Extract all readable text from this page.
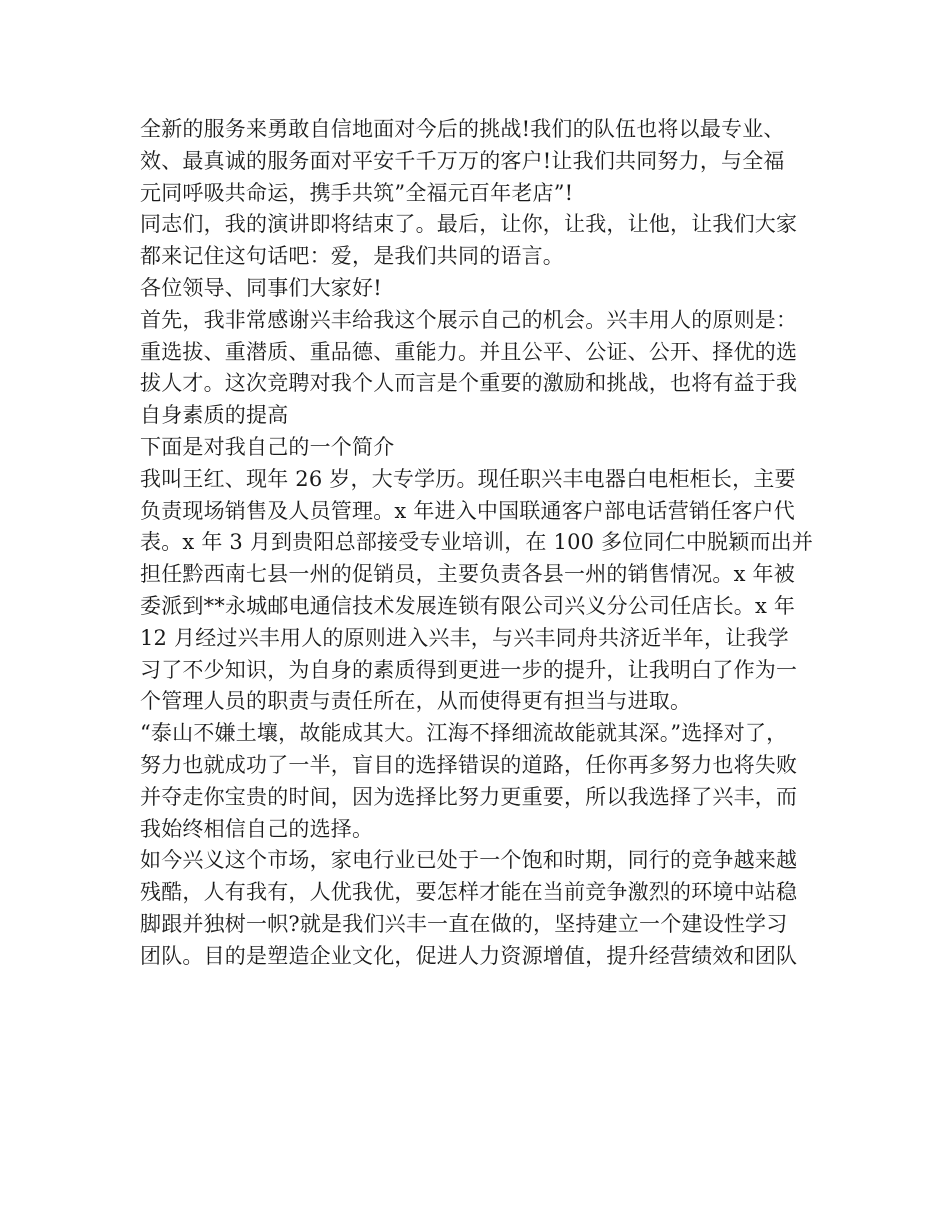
全新的服务来勇敢自信地面对今后的挑战!我们的队伍也将以最专业、
效、最真诚的服务面对平安千千万万的客户!让我们共同努力，与全福
元同呼吸共命运，携手共筑”全福元百年老店”!
同志们，我的演讲即将结束了。最后，让你，让我，让他，让我们大家
都来记住这句话吧：爱，是我们共同的语言。
各位领导、同事们大家好!
首先，我非常感谢兴丰给我这个展示自己的机会。兴丰用人的原则是：
重选拔、重潜质、重品德、重能力。并且公平、公证、公开、择优的选
拔人才。这次竞聘对我个人而言是个重要的激励和挑战，也将有益于我
自身素质的提高
下面是对我自己的一个简介
我叫王红、现年 26 岁，大专学历。现任职兴丰电器白电柜柜长，主要
负责现场销售及人员管理。x 年进入中国联通客户部电话营销任客户代
表。x 年 3 月到贵阳总部接受专业培训，在 100 多位同仁中脱颖而出并
担任黔西南七县一州的促销员，主要负责各县一州的销售情况。x 年被
委派到**永城邮电通信技术发展连锁有限公司兴义分公司任店长。x 年
12 月经过兴丰用人的原则进入兴丰，与兴丰同舟共济近半年，让我学
习了不少知识，为自身的素质得到更进一步的提升，让我明白了作为一
个管理人员的职责与责任所在，从而使得更有担当与进取。
“泰山不嫌土壤，故能成其大。江海不择细流故能就其深。”选择对了，
努力也就成功了一半，盲目的选择错误的道路，任你再多努力也将失败
并夺走你宝贵的时间，因为选择比努力更重要，所以我选择了兴丰，而
我始终相信自己的选择。
如今兴义这个市场，家电行业已处于一个饱和时期，同行的竞争越来越
残酷，人有我有，人优我优，要怎样才能在当前竞争激烈的环境中站稳
脚跟并独树一帜?就是我们兴丰一直在做的，坚持建立一个建设性学习
团队。目的是塑造企业文化，促进人力资源增值，提升经营绩效和团队
